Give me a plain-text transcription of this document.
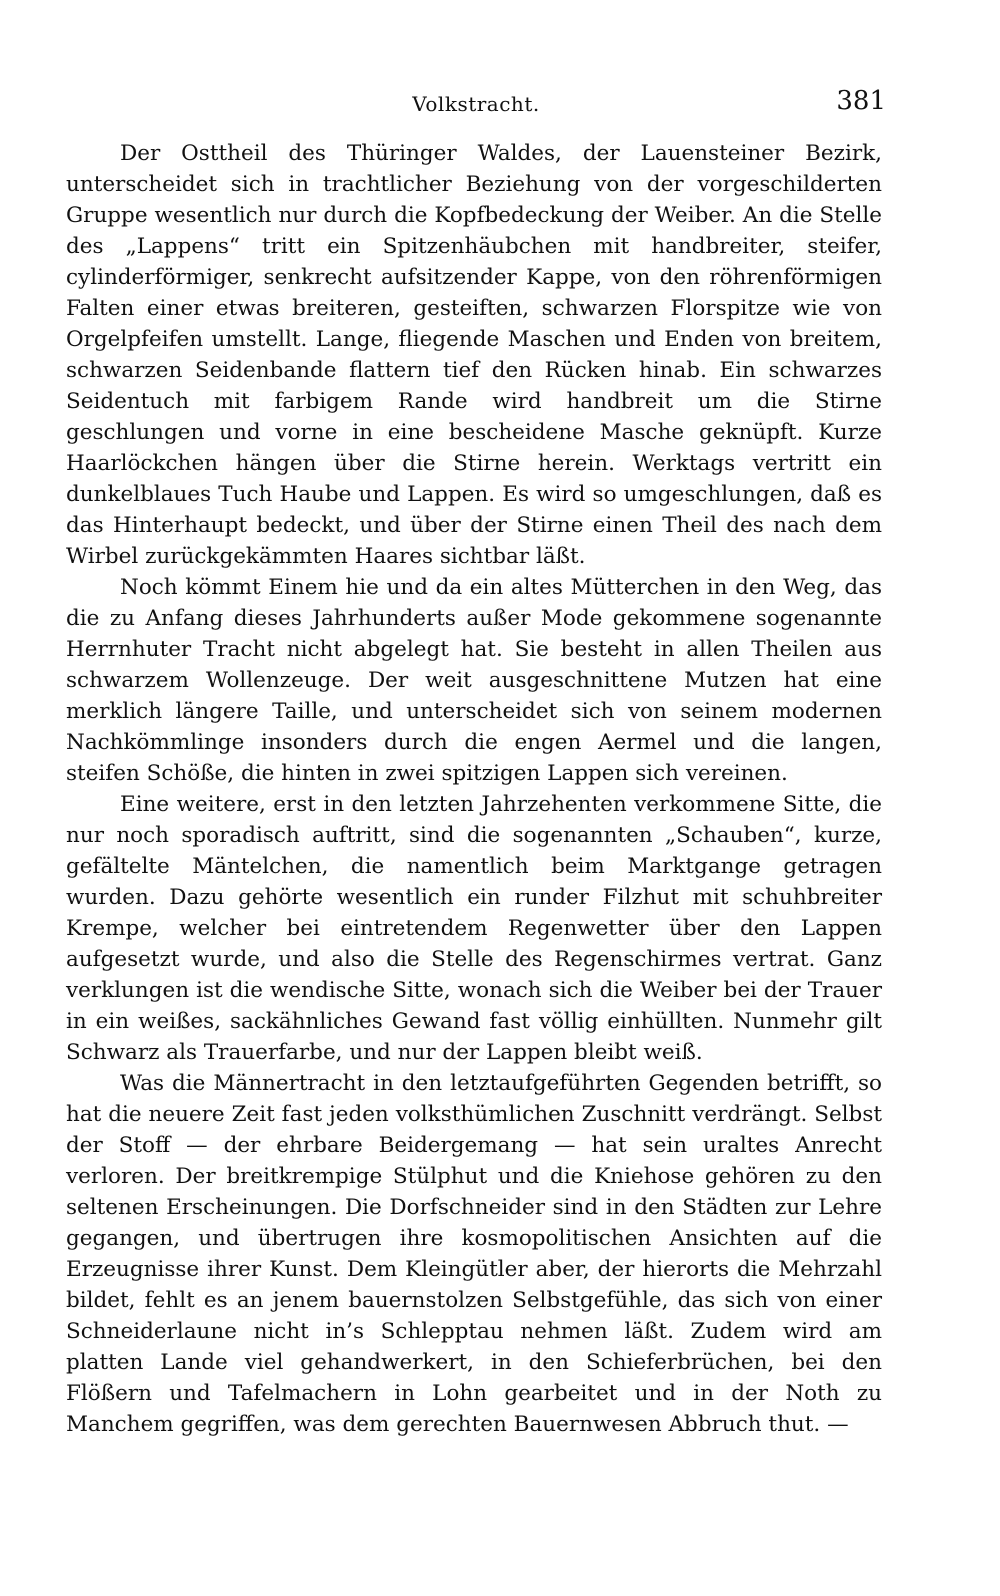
Volkstracht.	381

Der Osttheil des Thüringer Waldes, der Lauensteiner Bezirk, unterscheidet sich in trachtlicher Beziehung von der vorgeschilderten Gruppe wesentlich nur durch die Kopfbedeckung der Weiber. An die Stelle des „Lappens“ tritt ein Spitzenhäubchen mit handbreiter, steifer, cylinderförmiger, senkrecht aufsitzender Kappe, von den röhrenförmigen Falten einer etwas breiteren, gesteiften, schwarzen Florspitze wie von Orgelpfeifen umstellt. Lange, fliegende Maschen und Enden von breitem, schwarzen Seidenbande flattern tief den Rücken hinab. Ein schwarzes Seidentuch mit farbigem Rande wird handbreit um die Stirne geschlungen und vorne in eine bescheidene Masche geknüpft. Kurze Haarlöckchen hängen über die Stirne herein. Werktags vertritt ein dunkelblaues Tuch Haube und Lappen. Es wird so umgeschlungen, daß es das Hinterhaupt bedeckt, und über der Stirne einen Theil des nach dem Wirbel zurückgekämmten Haares sichtbar läßt.

Noch kömmt Einem hie und da ein altes Mütterchen in den Weg, das die zu Anfang dieses Jahrhunderts außer Mode gekommene sogenannte Herrnhuter Tracht nicht abgelegt hat. Sie besteht in allen Theilen aus schwarzem Wollenzeuge. Der weit ausgeschnittene Mutzen hat eine merklich längere Taille, und unterscheidet sich von seinem modernen Nachkömmlinge insonders durch die engen Aermel und die langen, steifen Schöße, die hinten in zwei spitzigen Lappen sich vereinen.

Eine weitere, erst in den letzten Jahrzehenten verkommene Sitte, die nur noch sporadisch auftritt, sind die sogenannten „Schauben“, kurze, gefältelte Mäntelchen, die namentlich beim Marktgange getragen wurden. Dazu gehörte wesentlich ein runder Filzhut mit schuhbreiter Krempe, welcher bei eintretendem Regenwetter über den Lappen aufgesetzt wurde, und also die Stelle des Regenschirmes vertrat. Ganz verklungen ist die wendische Sitte, wonach sich die Weiber bei der Trauer in ein weißes, sackähnliches Gewand fast völlig einhüllten. Nunmehr gilt Schwarz als Trauerfarbe, und nur der Lappen bleibt weiß.

Was die Männertracht in den letztaufgeführten Gegenden betrifft, so hat die neuere Zeit fast jeden volksthümlichen Zuschnitt verdrängt. Selbst der Stoff — der ehrbare Beidergemang — hat sein uraltes Anrecht verloren. Der breitkrempige Stülphut und die Kniehose gehören zu den seltenen Erscheinungen. Die Dorfschneider sind in den Städten zur Lehre gegangen, und übertrugen ihre kosmopolitischen Ansichten auf die Erzeugnisse ihrer Kunst. Dem Kleingütler aber, der hierorts die Mehrzahl bildet, fehlt es an jenem bauernstolzen Selbstgefühle, das sich von einer Schneiderlaune nicht in’s Schlepptau nehmen läßt. Zudem wird am platten Lande viel gehandwerkert, in den Schieferbrüchen, bei den Flößern und Tafelmachern in Lohn gearbeitet und in der Noth zu Manchem gegriffen, was dem gerechten Bauernwesen Abbruch thut. —
